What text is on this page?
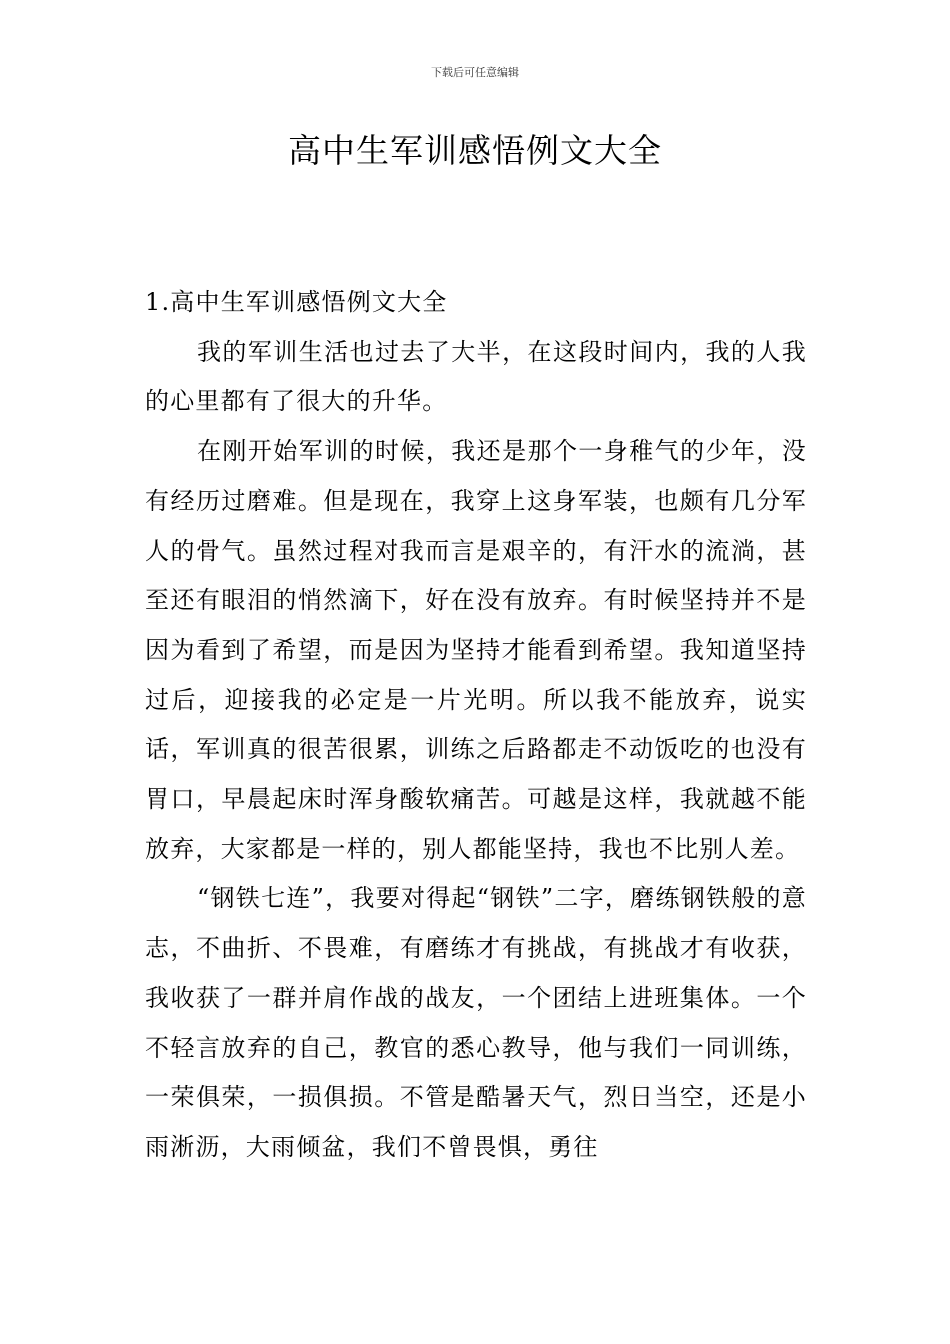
下载后可任意编辑
高中生军训感悟例文大全

1.高中生军训感悟例文大全

我的军训生活也过去了大半，在这段时间内，我的人我的心里都有了很大的升华。

在刚开始军训的时候，我还是那个一身稚气的少年，没有经历过磨难。但是现在，我穿上这身军装，也颇有几分军人的骨气。虽然过程对我而言是艰辛的，有汗水的流淌，甚至还有眼泪的悄然滴下，好在没有放弃。有时候坚持并不是因为看到了希望，而是因为坚持才能看到希望。我知道坚持过后，迎接我的必定是一片光明。所以我不能放弃，说实话，军训真的很苦很累，训练之后路都走不动饭吃的也没有胃口，早晨起床时浑身酸软痛苦。可越是这样，我就越不能放弃，大家都是一样的，别人都能坚持，我也不比别人差。

“钢铁七连”，我要对得起“钢铁”二字，磨练钢铁般的意志，不曲折、不畏难，有磨练才有挑战，有挑战才有收获，我收获了一群并肩作战的战友，一个团结上进班集体。一个不轻言放弃的自己，教官的悉心教导，他与我们一同训练，一荣俱荣，一损俱损。不管是酷暑天气，烈日当空，还是小雨淅沥，大雨倾盆，我们不曾畏惧，勇往
